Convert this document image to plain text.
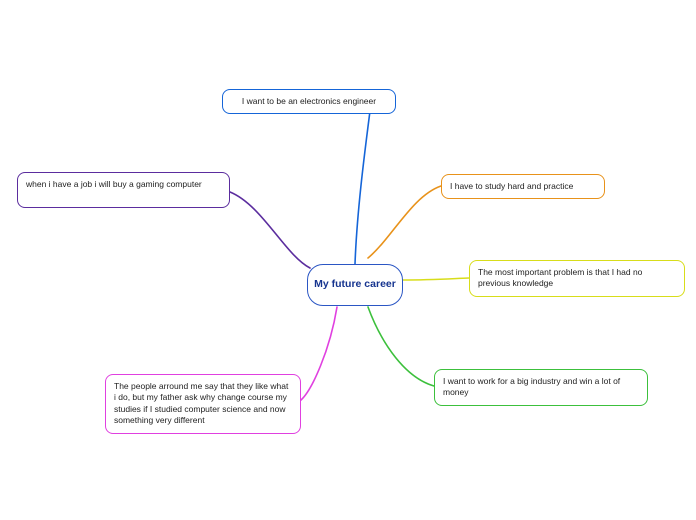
I want to be an electronics engineer
when i have a job i will buy a gaming computer	I have to study hard and practice
The most important problem is that I had no previous knowledge
I want to work for a big industry and win a lot of money
The people arround me say that they like what i do, but my father ask why change course my studies if I studied computer science and now something very different
My future career
